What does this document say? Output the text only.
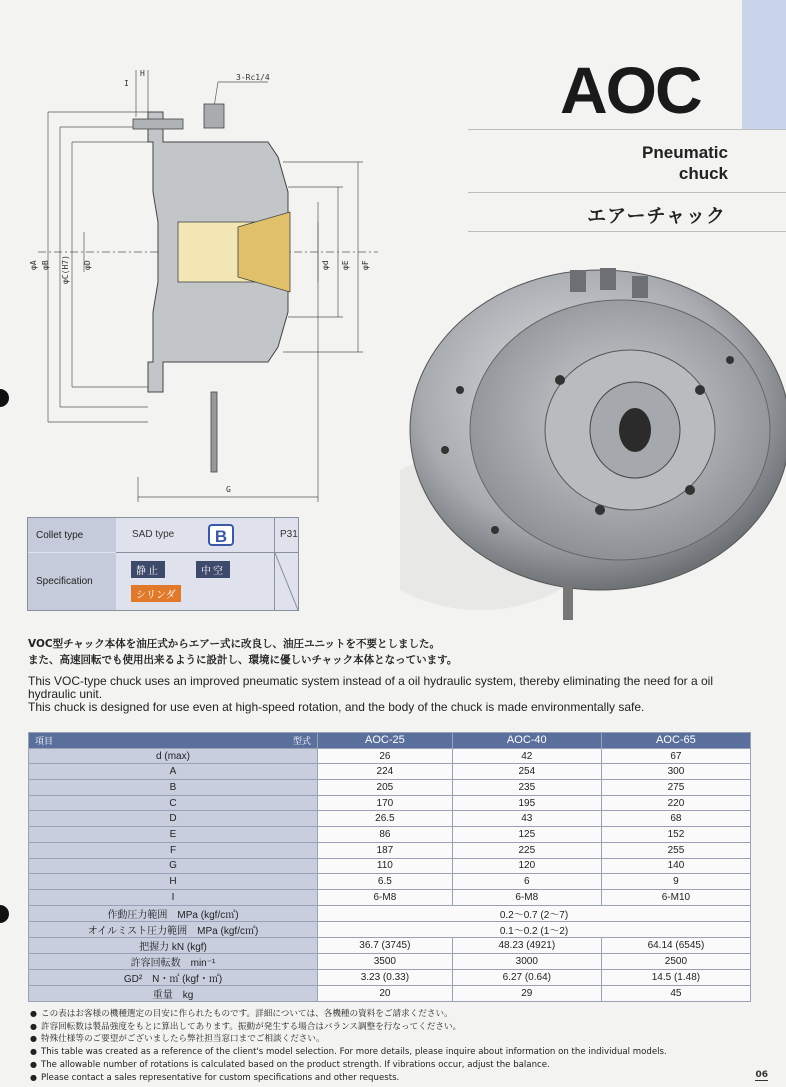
AOC
Pneumatic
chuck
エアーチャック
H
I
3-Rc1/4
φA φB φC(H7) φD	φd φE φF
G
Collet type
Specification
SAD type	B	P31
静止	中空
シリンダ
VOC型チャック本体を油圧式からエアー式に改良し、油圧ユニットを不要としました。
また、高速回転でも使用出来るように設計し、環境に優しいチャック本体となっています。
This VOC-type chuck uses an improved pneumatic system instead of a oil hydraulic system, thereby eliminating the need for a oil hydraulic unit.
This chuck is designed for use even at high-speed rotation, and the body of the chuck is made environmentally safe.
項目 型式	AOC-25	AOC-40	AOC-65
d (max)	26	42	67
A	224	254	300
B	205	235	275
C	170	195	220
D	26.5	43	68
E	86	125	152
F	187	225	255
G	110	120	140
H	6.5	6	9
I	6-M8	6-M8	6-M10
作動圧力範囲　MPa (kgf/c㎡)	0.2～0.7 (2～7)		
オイルミスト圧力範囲　MPa (kgf/c㎡)	0.1～0.2 (1～2)		
把握力 kN (kgf)	36.7 (3745)	48.23 (4921)	64.14 (6545)
許容回転数　min⁻¹	3500	3000	2500
GD²　N・㎡ (kgf・㎡)	3.23 (0.33)	6.27 (0.64)	14.5 (1.48)
重量　kg	20	29	45
● この表はお客様の機種選定の目安に作られたものです。詳細については、各機種の資料をご請求ください。
● 許容回転数は製品強度をもとに算出してあります。振動が発生する場合はバランス調整を行なってください。
● 特殊仕様等のご要望がございましたら弊社担当窓口までご相談ください。
● This table was created as a reference of the client's model selection. For more details, please inquire about information on the individual models.
● The allowable number of rotations is calculated based on the product strength. If vibrations occur, adjust the balance.
● Please contact a sales representative for custom specifications and other requests.	06
